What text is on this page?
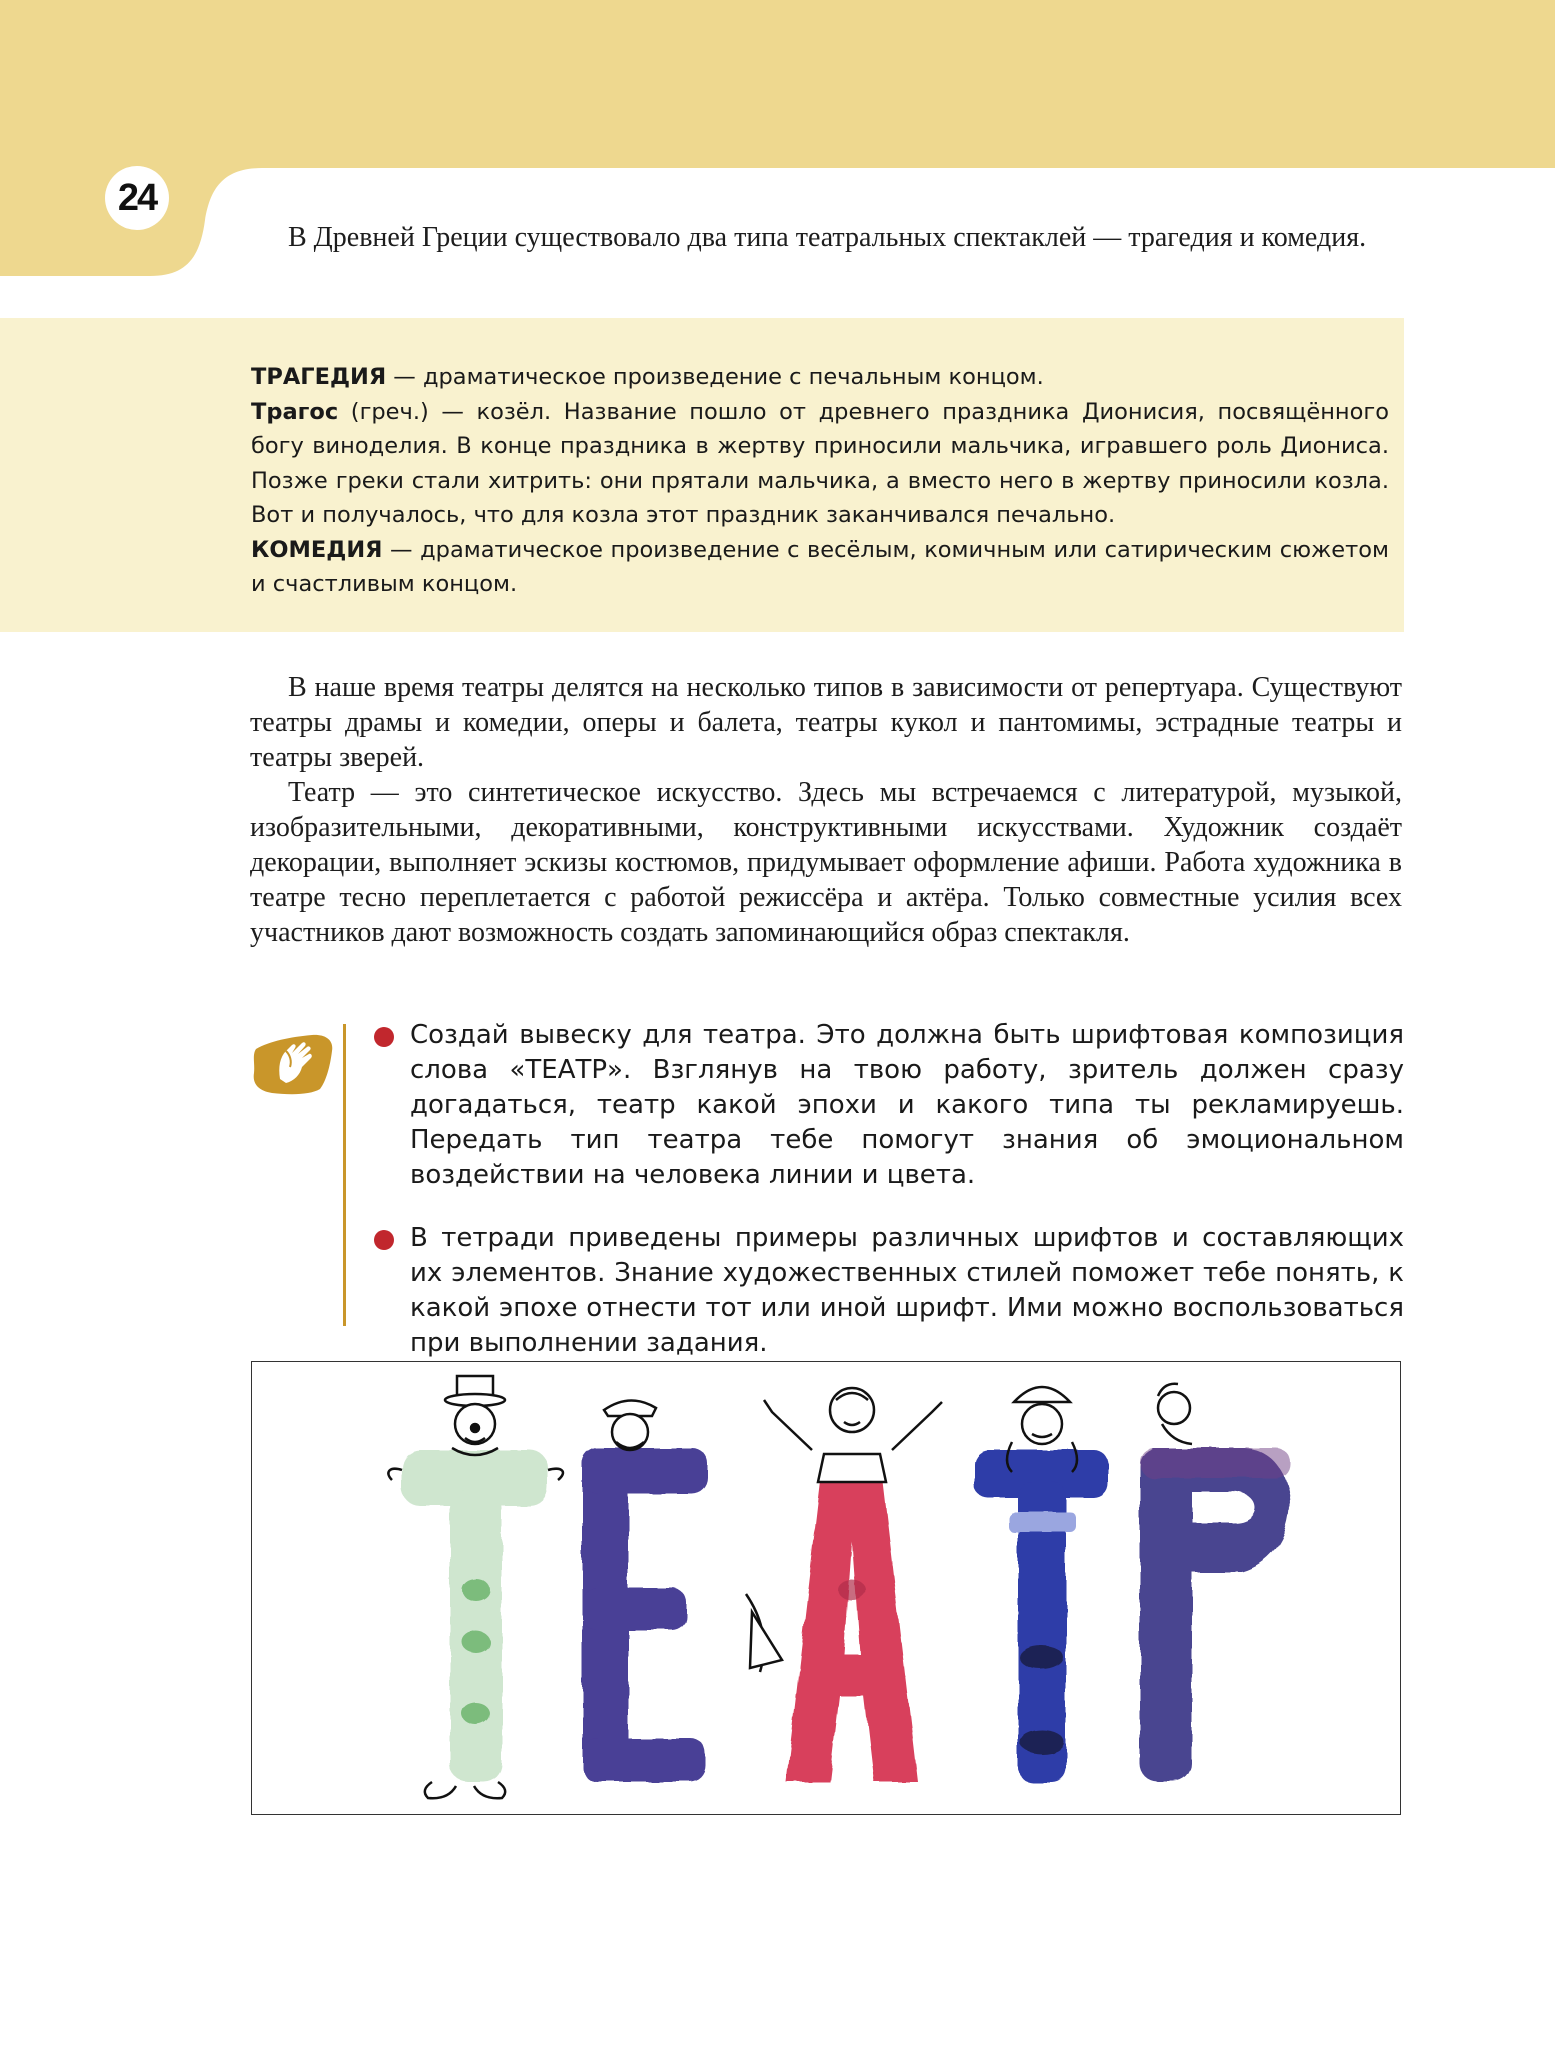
24

В Древней Греции существовало два типа театральных спектаклей — трагедия и комедия.

ТРАГЕДИЯ — драматическое произведение с печальным концом.

Трагос (греч.) — козёл. Название пошло от древнего праздника Дионисия, посвящённого богу виноделия. В конце праздника в жертву приносили мальчика, игравшего роль Диониса. Позже греки стали хитрить: они прятали мальчика, а вместо него в жертву приносили козла. Вот и получалось, что для козла этот праздник заканчивался печально.

КОМЕДИЯ — драматическое произведение с весёлым, комичным или сатирическим сюжетом и счастливым концом.

В наше время театры делятся на несколько типов в зависимости от репертуара. Существуют театры драмы и комедии, оперы и балета, театры кукол и пантомимы, эстрадные театры и театры зверей.

Театр — это синтетическое искусство. Здесь мы встречаемся с литературой, музыкой, изобразительными, декоративными, конструктивными искусствами. Художник создаёт декорации, выполняет эскизы костюмов, придумывает оформление афиши. Работа художника в театре тесно переплетается с работой режиссёра и актёра. Только совместные усилия всех участников дают возможность создать запоминающийся образ спектакля.

Создай вывеску для театра. Это должна быть шрифтовая композиция слова «ТЕАТР». Взглянув на твою работу, зритель должен сразу догадаться, театр какой эпохи и какого типа ты рекламируешь. Передать тип театра тебе помогут знания об эмоциональном воздействии на человека линии и цвета.
В тетради приведены примеры различных шрифтов и составляющих их элементов. Знание художественных стилей поможет тебе понять, к какой эпохе отнести тот или иной шрифт. Ими можно воспользоваться при выполнении задания.
